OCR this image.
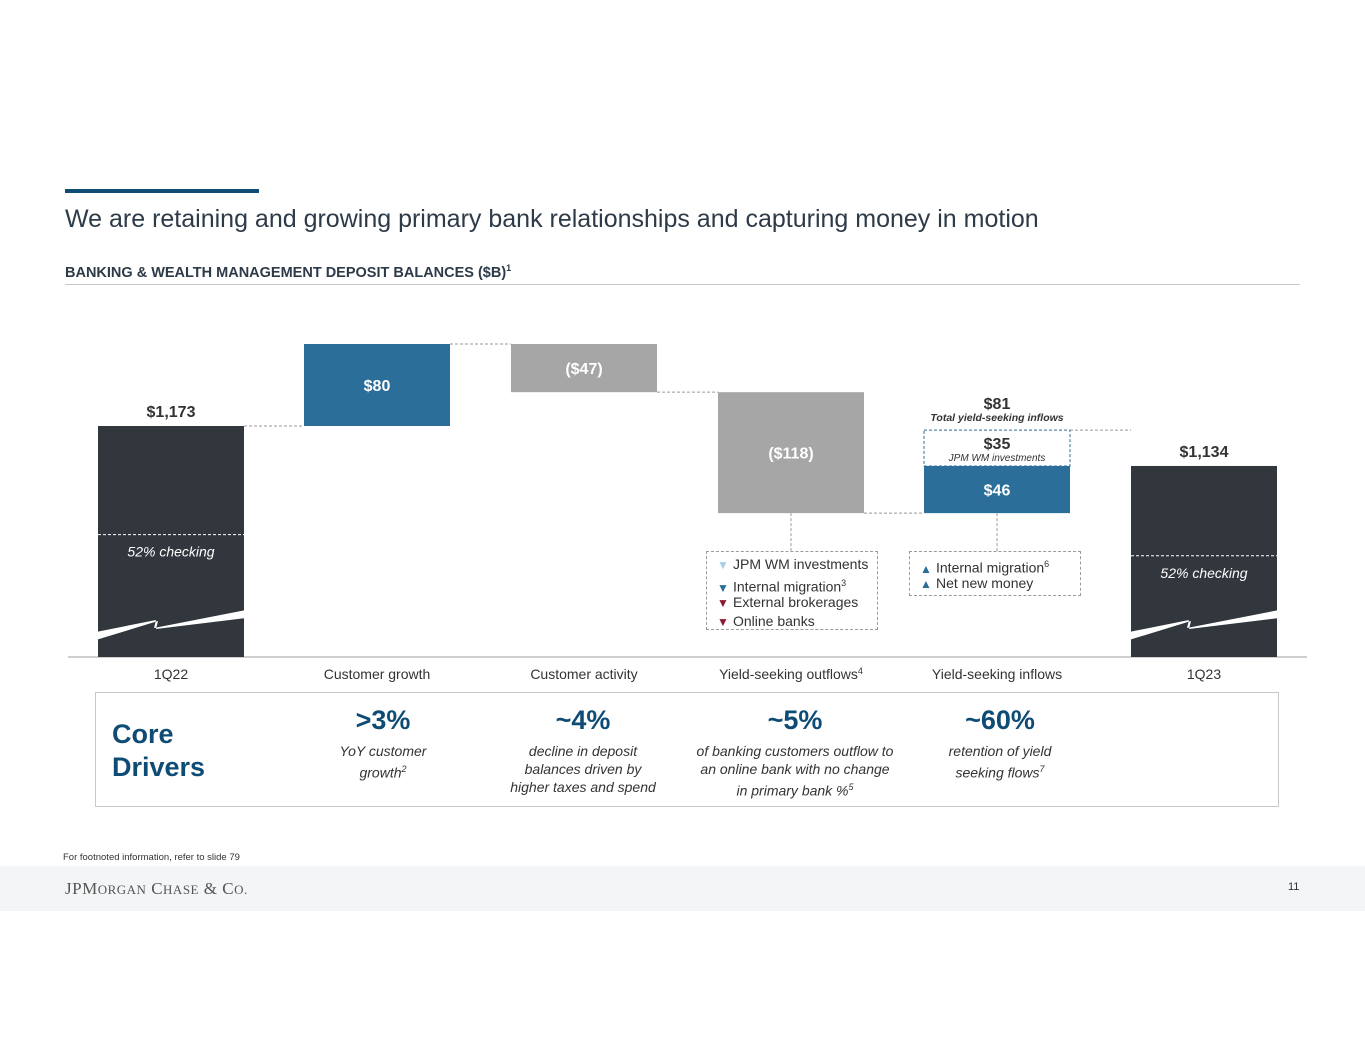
We are retaining and growing primary bank relationships and capturing money in motion
BANKING & WEALTH MANAGEMENT DEPOSIT BALANCES ($B)$^1$
$1,173
52% checking
1Q22
$80
Customer growth
($47)
Customer activity
($118)
Yield-seeking outflows$^4$
$46
$35
JPM WM investments
$81
Total yield-seeking inflows
Yield-seeking inflows
$1,134
52% checking
1Q23
▼ JPM WM investments
▼ Internal migration$^3$
▼ External brokerages
▼ Online banks
▲ Internal migration$^6$
▲ Net new money
Core Drivers
>3%
YoY customer
growth$^2$
~4%
decline in deposit
balances driven by
higher taxes and spend
~5%
of banking customers outflow to
an online bank with no change
in primary bank %$^5$
~60%
retention of yield
seeking flows$^7$
For footnoted information, refer to slide 79
JPMORGAN CHASE & CO.	11
